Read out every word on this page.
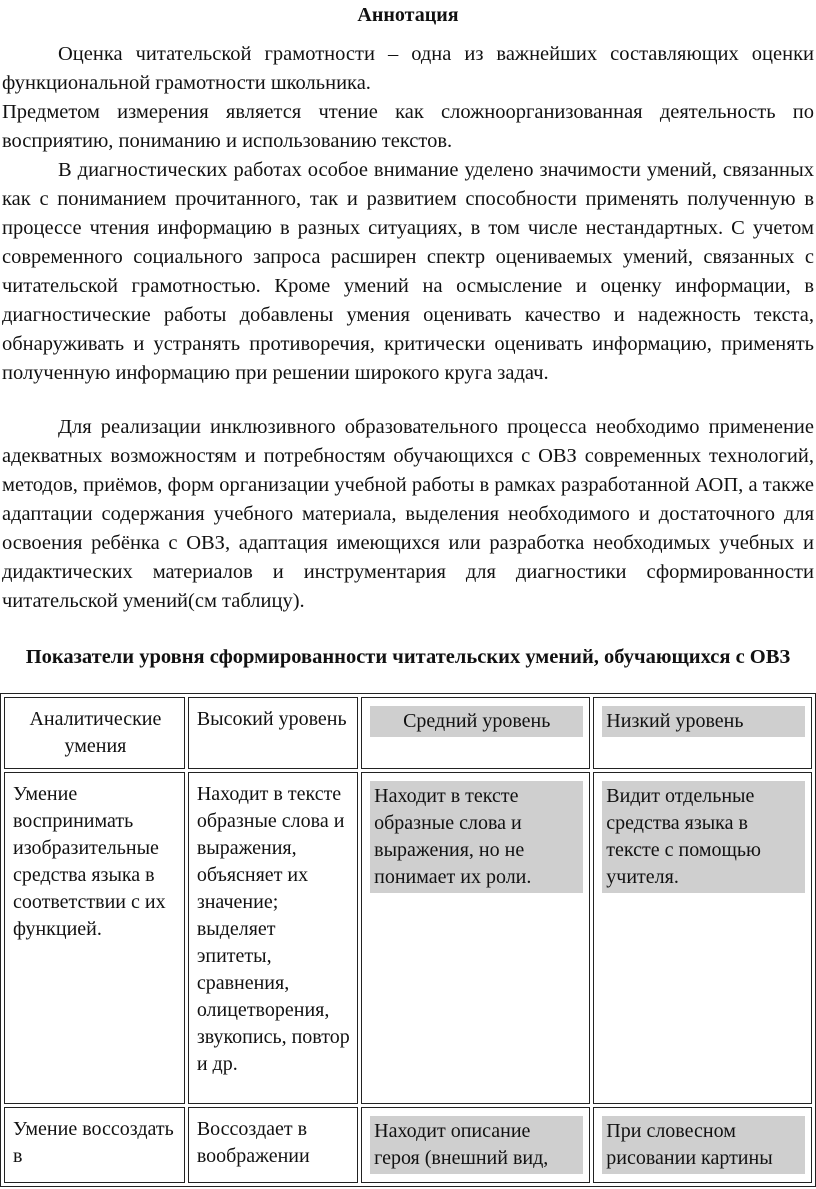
Аннотация

Оценка читательской грамотности – одна из важнейших составляющих оценки функциональной грамотности школьника.

Предметом измерения является чтение как сложноорганизованная деятельность по восприятию, пониманию и использованию текстов.

В диагностических работах особое внимание уделено значимости умений, связанных как с пониманием прочитанного, так и развитием способности применять полученную в процессе чтения информацию в разных ситуациях, в том числе нестандартных. С учетом современного социального запроса расширен спектр оцениваемых умений, связанных с читательской грамотностью. Кроме умений на осмысление и оценку информации, в диагностические работы добавлены умения оценивать качество и надежность текста, обнаруживать и устранять противоречия, критически оценивать информацию, применять полученную информацию при решении широкого круга задач.

Для реализации инклюзивного образовательного процесса необходимо применение адекватных возможностям и потребностям обучающихся с ОВЗ современных технологий, методов, приёмов, форм организации учебной работы в рамках разработанной АОП, а также адаптации содержания учебного материала, выделения необходимого и достаточного для освоения ребёнка с ОВЗ, адаптация имеющихся или разработка необходимых учебных и дидактических материалов и инструментария для диагностики сформированности читательской умений(см таблицу).

Показатели уровня сформированности читательских умений, обучающихся с ОВЗ
Аналитические умения	Высокий уровень	Средний уровень	Низкий уровень

Умение воспринимать изобразительные средства языка в соответствии с их функцией.	Находит в тексте образные слова и выражения, объясняет их значение; выделяет эпитеты, сравнения, олицетворения, звукопись, повтор и др.	Находит в тексте образные слова и выражения, но не понимает их роли.	Видит отдельные средства языка в тексте с помощью учителя.

Умение воссоздать в	Воссоздает в воображении	Находит описание героя (внешний вид,	При словесном рисовании картины
